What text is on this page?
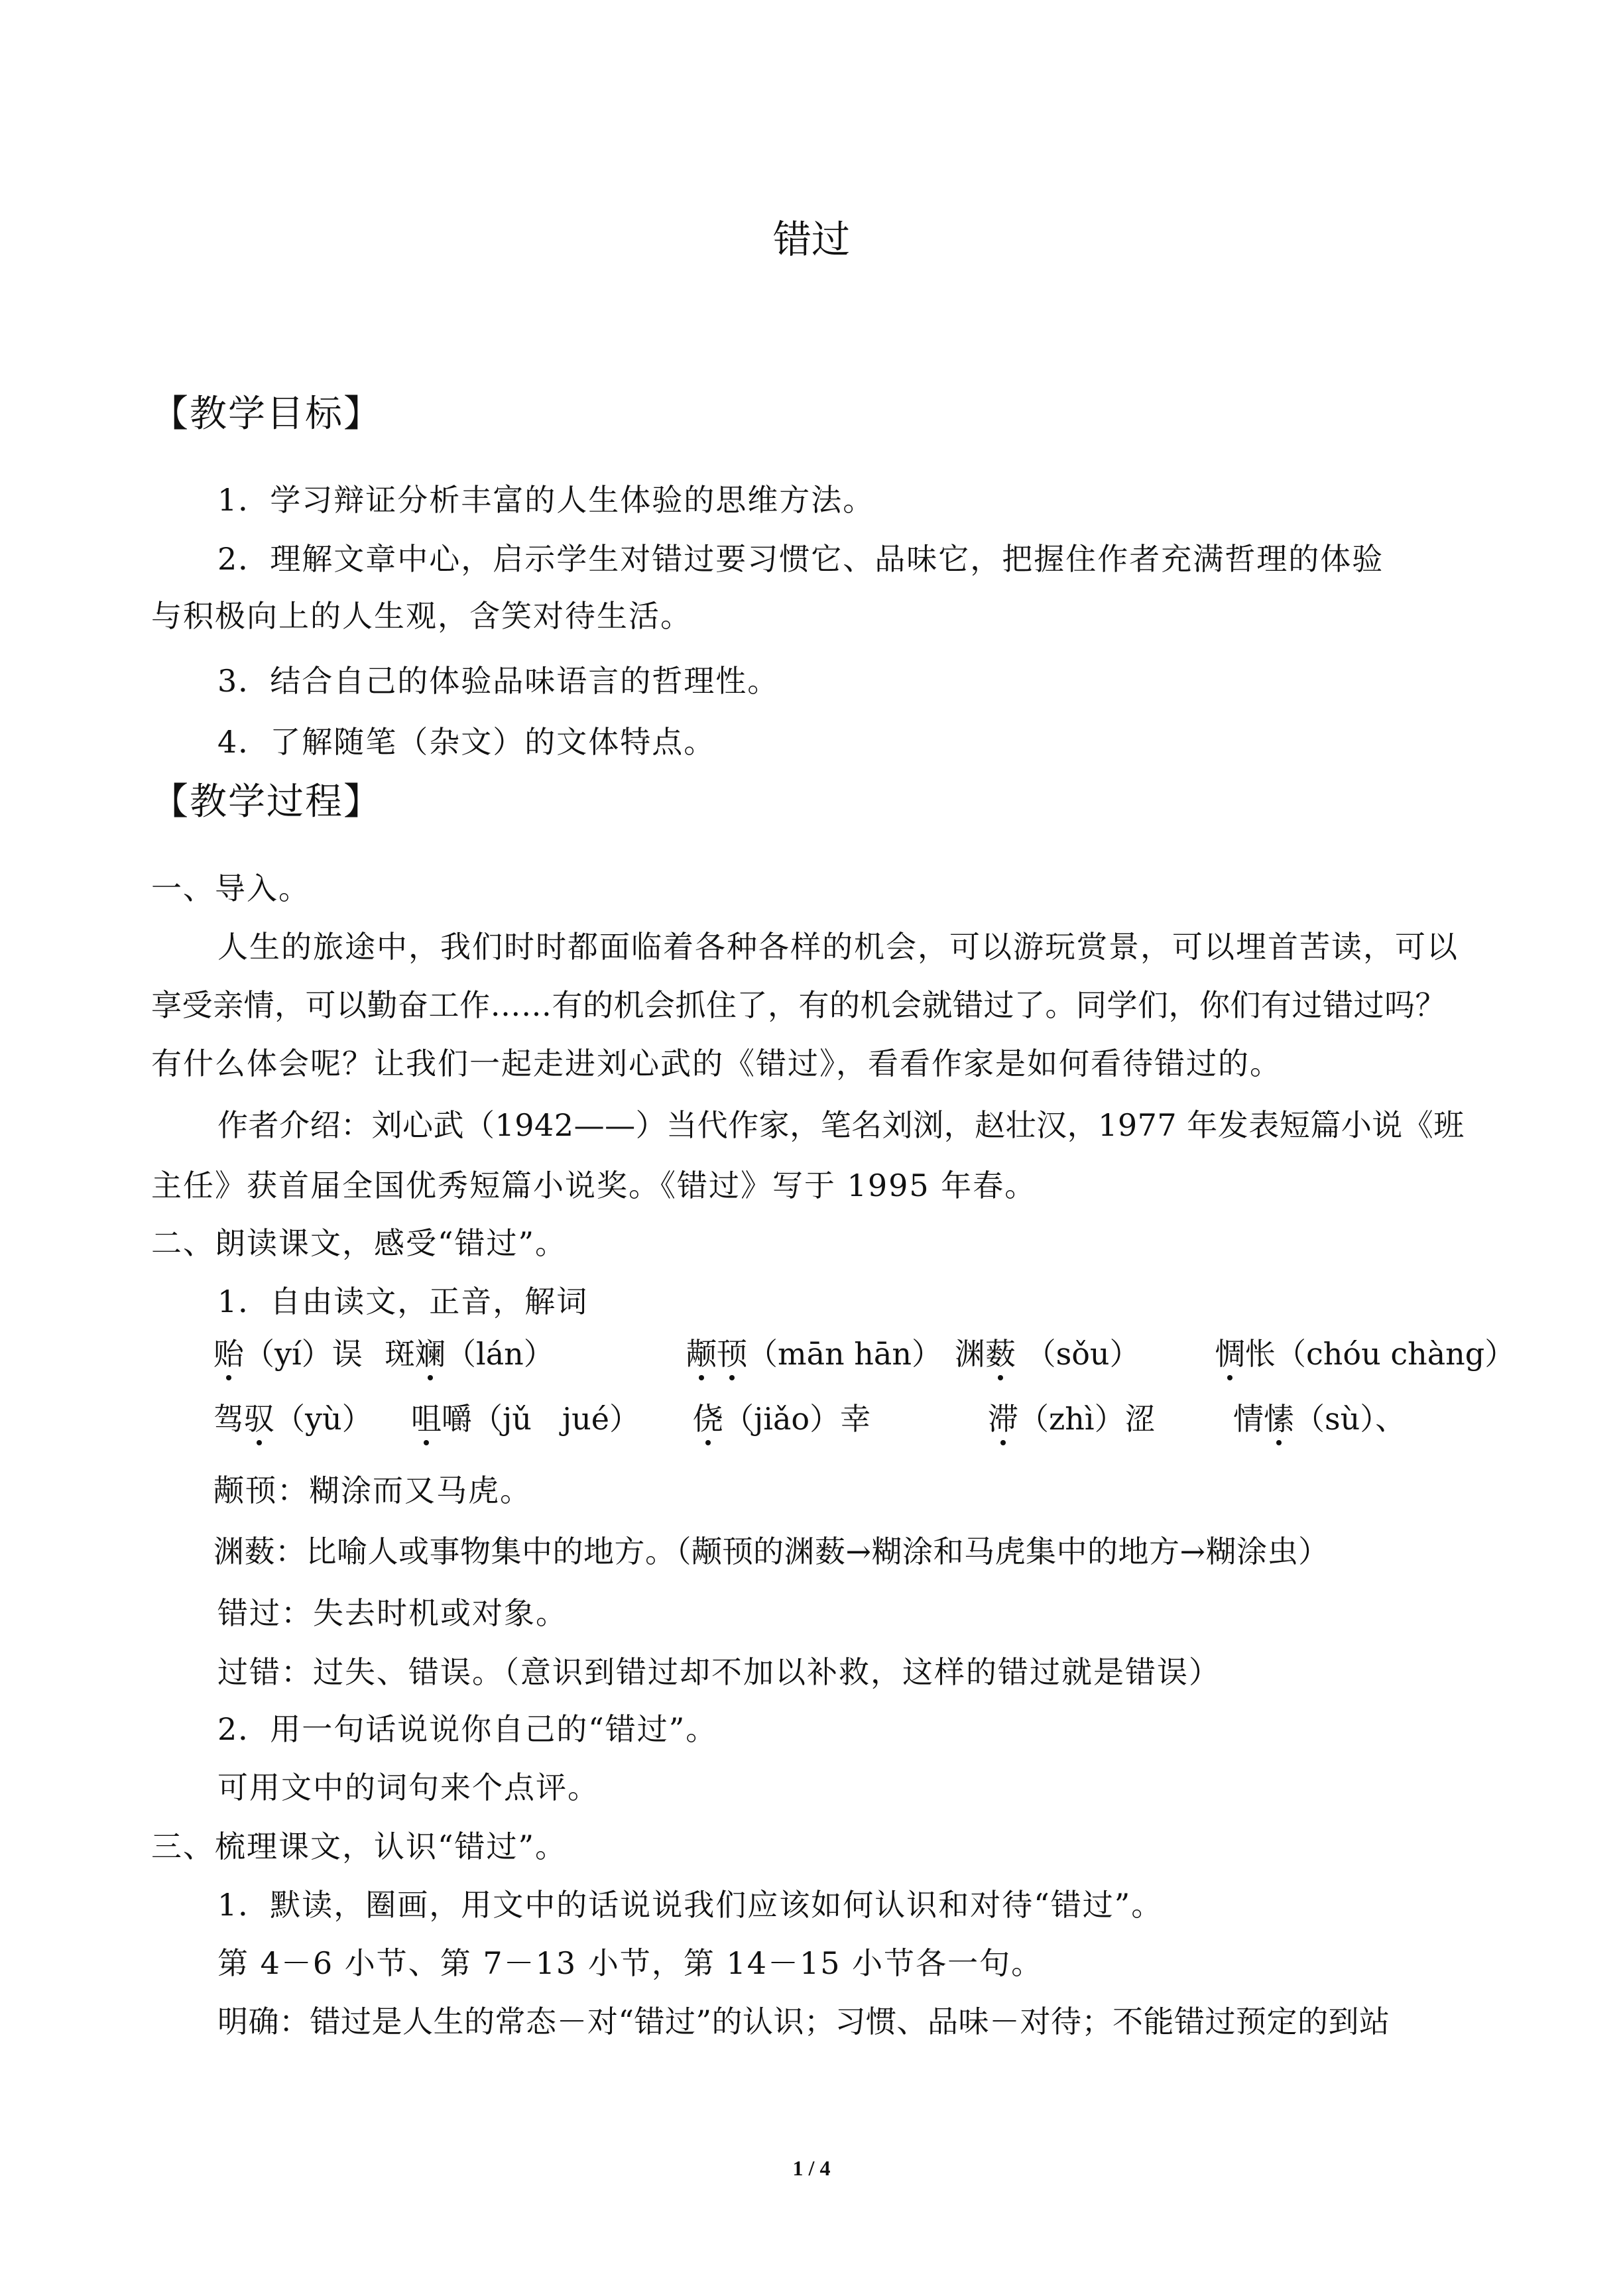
错过
【教学目标】
1．学习辩证分析丰富的人生体验的思维方法。
2．理解文章中心，启示学生对错过要习惯它、品味它，把握住作者充满哲理的体验
与积极向上的人生观，含笑对待生活。
3．结合自己的体验品味语言的哲理性。
4．了解随笔（杂文）的文体特点。
【教学过程】
一、导入。
人生的旅途中，我们时时都面临着各种各样的机会，可以游玩赏景，可以埋首苦读，可以
享受亲情，可以勤奋工作……有的机会抓住了，有的机会就错过了。同学们，你们有过错过吗？
有什么体会呢？让我们一起走进刘心武的《错过》，看看作家是如何看待错过的。
作者介绍：刘心武（1942——）当代作家，笔名刘浏，赵壮汉，1977 年发表短篇小说《班
主任》获首届全国优秀短篇小说奖。《错过》写于 1995 年春。
二、朗读课文，感受“错过”。
1．自由读文，正音，解词
贻（yí）误 斑斓（lán）	颟顸（mān hān） 渊薮 （sǒu） 惆怅（chóu chàng）
驾驭（yù） 咀嚼（jǔ　jué） 侥（jiǎo）幸	滞（zhì）涩	情愫（sù）、
颟顸：糊涂而又马虎。
渊薮：比喻人或事物集中的地方。（颟顸的渊薮→糊涂和马虎集中的地方→糊涂虫）
错过：失去时机或对象。
过错：过失、错误。（意识到错过却不加以补救，这样的错过就是错误）
2．用一句话说说你自己的“错过”。
可用文中的词句来个点评。
三、梳理课文，认识“错过”。
1．默读，圈画，用文中的话说说我们应该如何认识和对待“错过”。
第 4－6 小节、第 7－13 小节，第 14－15 小节各一句。
明确：错过是人生的常态－对“错过”的认识；习惯、品味－对待；不能错过预定的到站
1 / 4
